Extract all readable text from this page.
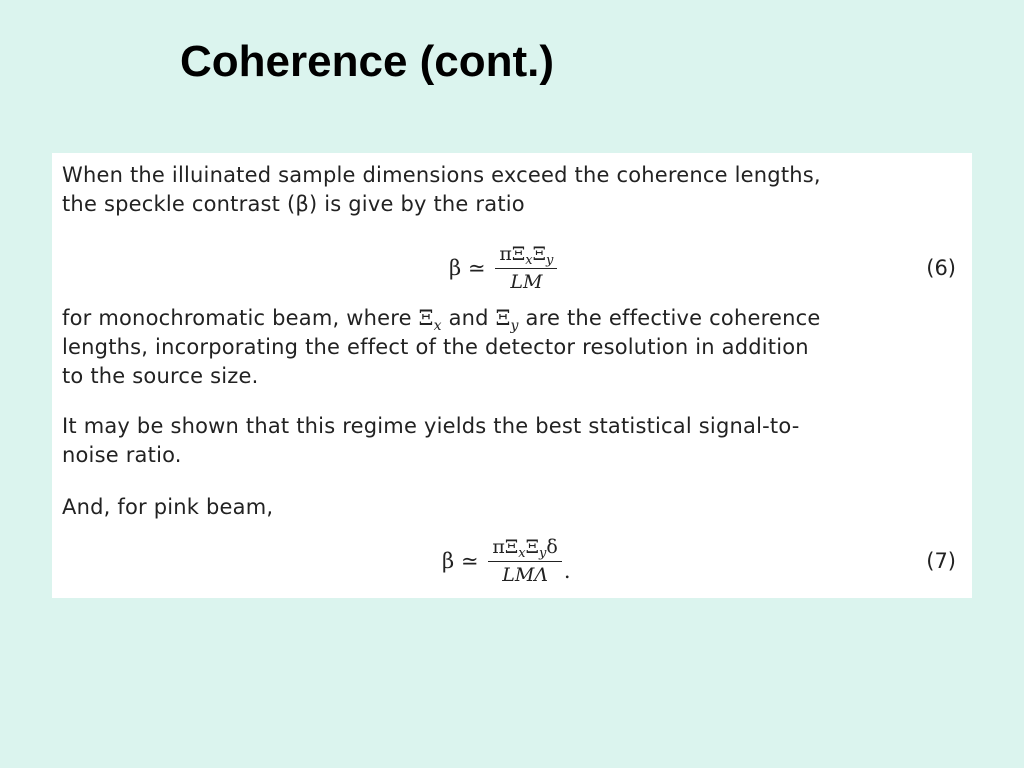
Coherence (cont.)

When the illuinated sample dimensions exceed the coherence lengths,
the speckle contrast (β) is give by the ratio

β ≃ $\frac{\pi\Xi_x\Xi_y}{LM}$	(6)

for monochromatic beam, where $\Xi_x$ and $\Xi_y$ are the effective coherence
lengths, incorporating the effect of the detector resolution in addition
to the source size.

It may be shown that this regime yields the best statistical signal-to-
noise ratio.

And, for pink beam,

β ≃ $\frac{\pi\Xi_x\Xi_y\delta}{\text{LMΛ}}$ .	(7)
